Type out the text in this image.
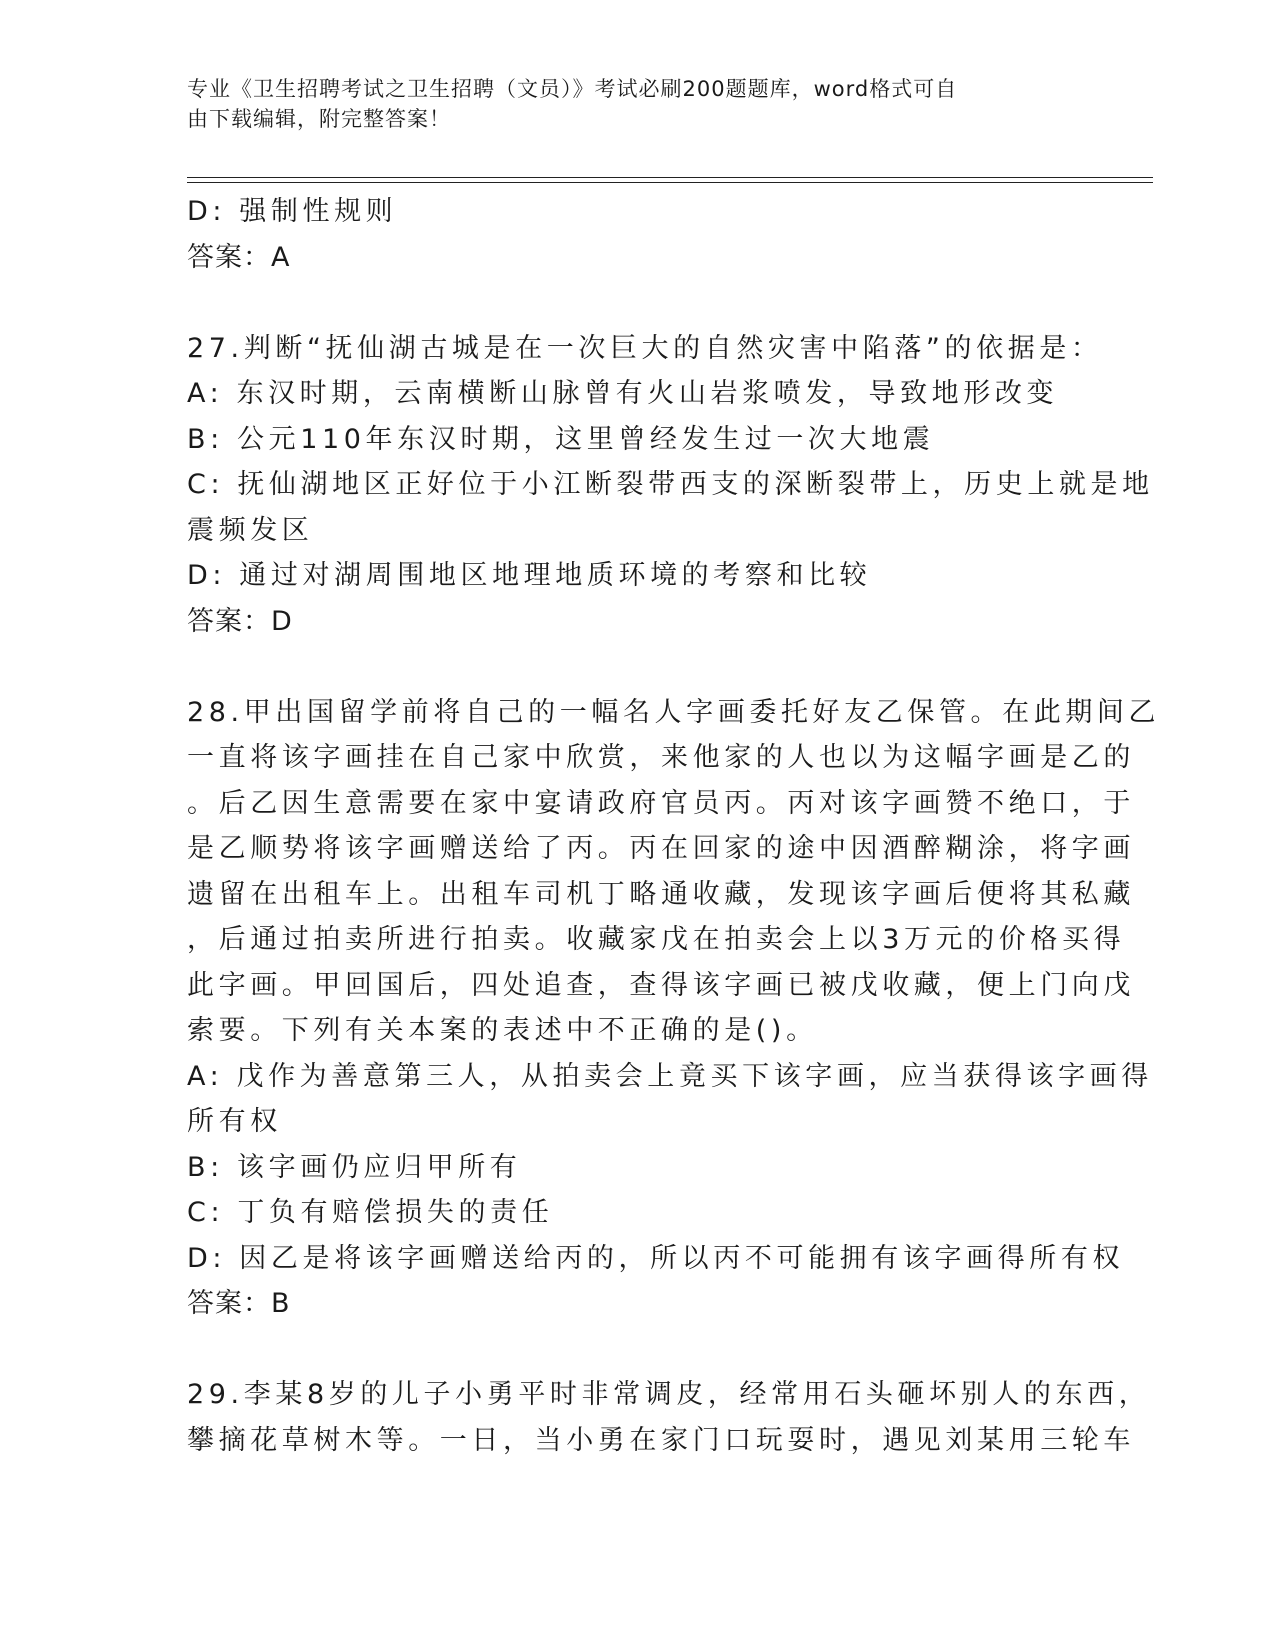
专业《卫生招聘考试之卫生招聘（文员）》考试必刷200题题库，word格式可自
由下载编辑，附完整答案！
D: 强制性规则
答案：A
27.判断“抚仙湖古城是在一次巨大的自然灾害中陷落”的依据是：
A: 东汉时期，云南横断山脉曾有火山岩浆喷发，导致地形改变
B: 公元110年东汉时期，这里曾经发生过一次大地震
C: 抚仙湖地区正好位于小江断裂带西支的深断裂带上，历史上就是地
震频发区
D: 通过对湖周围地区地理地质环境的考察和比较
答案：D
28.甲出国留学前将自己的一幅名人字画委托好友乙保管。在此期间乙
一直将该字画挂在自己家中欣赏，来他家的人也以为这幅字画是乙的
。后乙因生意需要在家中宴请政府官员丙。丙对该字画赞不绝口，于
是乙顺势将该字画赠送给了丙。丙在回家的途中因酒醉糊涂，将字画
遗留在出租车上。出租车司机丁略通收藏，发现该字画后便将其私藏
，后通过拍卖所进行拍卖。收藏家戊在拍卖会上以3万元的价格买得
此字画。甲回国后，四处追查，查得该字画已被戊收藏，便上门向戊
索要。下列有关本案的表述中不正确的是()。
A: 戊作为善意第三人，从拍卖会上竟买下该字画，应当获得该字画得
所有权
B: 该字画仍应归甲所有
C: 丁负有赔偿损失的责任
D: 因乙是将该字画赠送给丙的，所以丙不可能拥有该字画得所有权
答案：B
29.李某8岁的儿子小勇平时非常调皮，经常用石头砸坏别人的东西，
攀摘花草树木等。一日，当小勇在家门口玩耍时，遇见刘某用三轮车
